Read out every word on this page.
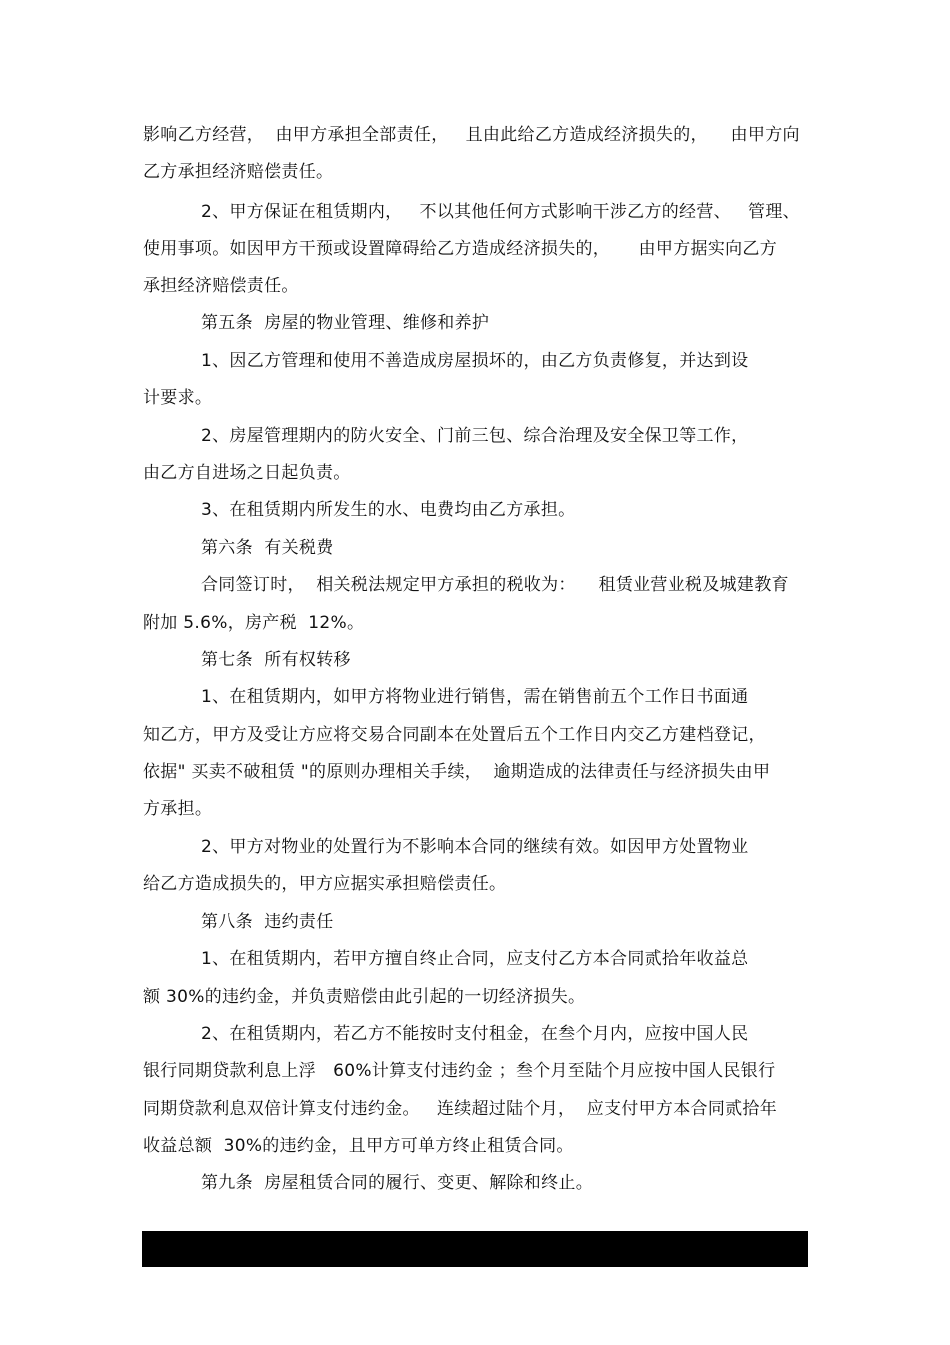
影响乙方经营，  由甲方承担全部责任，   且由此给乙方造成经济损失的，    由甲方向
乙方承担经济赔偿责任。
2、甲方保证在租赁期内，   不以其他任何方式影响干涉乙方的经营、   管理、
使用事项。如因甲方干预或设置障碍给乙方造成经济损失的，     由甲方据实向乙方
承担经济赔偿责任。
第五条  房屋的物业管理、维修和养护
1、因乙方管理和使用不善造成房屋损坏的，由乙方负责修复，并达到设
计要求。
2、房屋管理期内的防火安全、门前三包、综合治理及安全保卫等工作，
由乙方自进场之日起负责。
3、在租赁期内所发生的水、电费均由乙方承担。
第六条  有关税费
合同签订时，  相关税法规定甲方承担的税收为：    租赁业营业税及城建教育
附加 5.6%，房产税  12%。
第七条  所有权转移
1、在租赁期内，如甲方将物业进行销售，需在销售前五个工作日书面通
知乙方，甲方及受让方应将交易合同副本在处置后五个工作日内交乙方建档登记，
依据" 买卖不破租赁 "的原则办理相关手续，  逾期造成的法律责任与经济损失由甲
方承担。
2、甲方对物业的处置行为不影响本合同的继续有效。如因甲方处置物业
给乙方造成损失的，甲方应据实承担赔偿责任。
第八条  违约责任
1、在租赁期内，若甲方擅自终止合同，应支付乙方本合同贰拾年收益总
额 30%的违约金，并负责赔偿由此引起的一切经济损失。
2、在租赁期内，若乙方不能按时支付租金，在叁个月内，应按中国人民
银行同期贷款利息上浮   60%计算支付违约金 ；叁个月至陆个月应按中国人民银行
同期贷款利息双倍计算支付违约金。   连续超过陆个月，  应支付甲方本合同贰拾年
收益总额  30%的违约金，且甲方可单方终止租赁合同。
第九条  房屋租赁合同的履行、变更、解除和终止。
